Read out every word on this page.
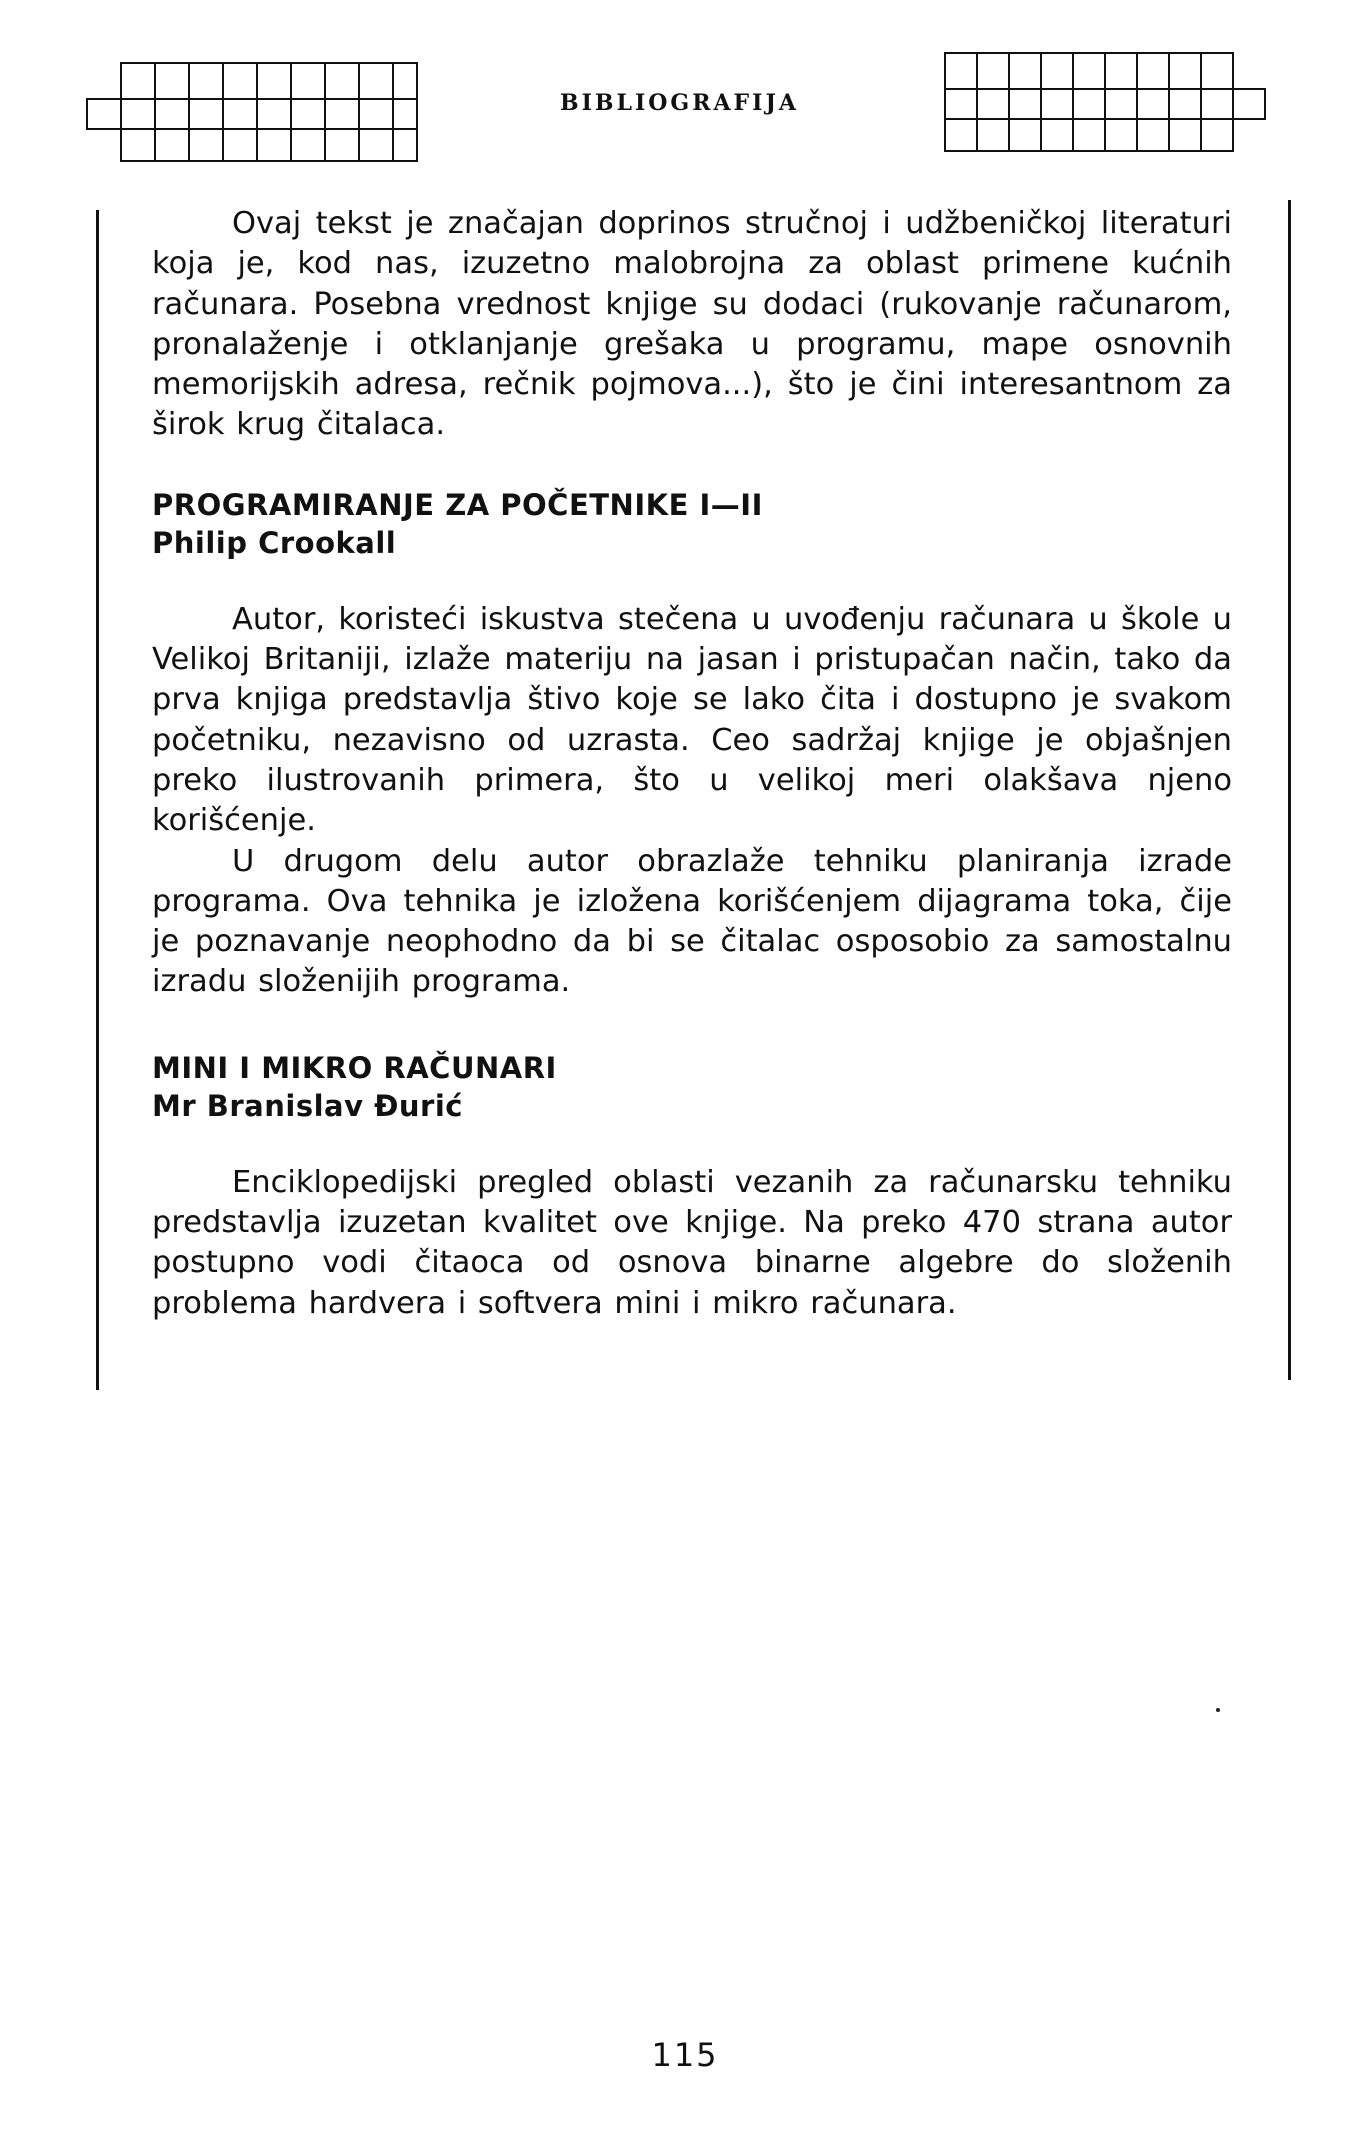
BIBLIOGRAFIJA

Ovaj tekst je značajan doprinos stručnoj i udžbeničkoj literaturi koja je, kod nas, izuzetno malobrojna za oblast primene kućnih računara. Posebna vrednost knjige su dodaci (rukovanje računarom, pronalaženje i otklanjanje grešaka u programu, mape osnovnih memorijskih adresa, rečnik pojmova...), što je čini interesantnom za širok krug čitalaca.

PROGRAMIRANJE ZA POČETNIKE I—II

Philip Crookall

Autor, koristeći iskustva stečena u uvođenju računara u škole u Velikoj Britaniji, izlaže materiju na jasan i pristupačan način, tako da prva knjiga predstavlja štivo koje se lako čita i dostupno je svakom početniku, nezavisno od uzrasta. Ceo sadržaj knjige je objašnjen preko ilustrovanih primera, što u velikoj meri olakšava njeno korišćenje.

U drugom delu autor obrazlaže tehniku planiranja izrade programa. Ova tehnika je izložena korišćenjem dijagrama toka, čije je poznavanje neophodno da bi se čitalac osposobio za samostalnu izradu složenijih programa.

MINI I MIKRO RAČUNARI

Mr Branislav Đurić

Enciklopedijski pregled oblasti vezanih za računarsku tehniku predstavlja izuzetan kvalitet ove knjige. Na preko 470 strana autor postupno vodi čitaoca od osnova binarne algebre do složenih problema hardvera i softvera mini i mikro računara.

115
